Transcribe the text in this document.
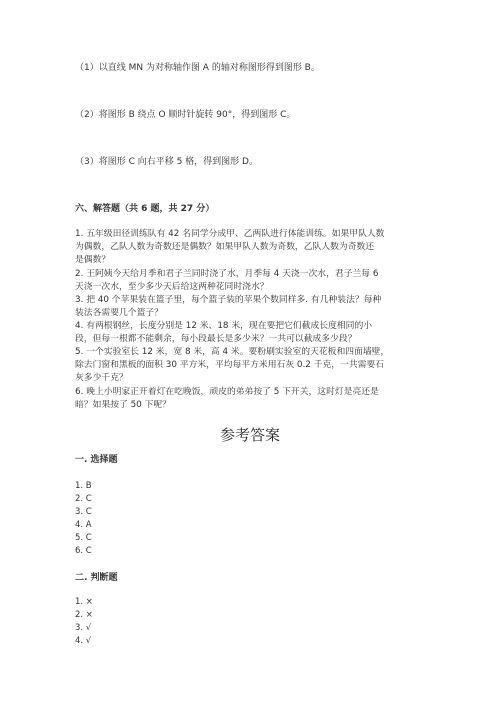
（1）以直线 MN 为对称轴作图 A 的轴对称图形得到图形 B。
（2）将图形 B 绕点 O 顺时针旋转 90°，得到图形 C。
（3）将图形 C 向右平移 5 格，得到图形 D。
六、解答题（共 6 题，共 27 分）
1. 五年级田径训练队有 42 名同学分成甲、乙两队进行体能训练。如果甲队人数
为偶数，乙队人数为奇数还是偶数？如果甲队人数为奇数，乙队人数为奇数还
是偶数？
2. 王阿姨今天给月季和君子兰同时浇了水，月季每 4 天浇一次水，君子兰每 6
天浇一次水，至少多少天后给这两种花同时浇水？
3. 把 40 个苹果装在篮子里，每个篮子装的苹果个数同样多. 有几种装法？每种
装法各需要几个篮子？
4. 有两根钢丝，长度分别是 12 米、18 米，现在要把它们截成长度相同的小
段，但每一根都不能剩余，每小段最长是多少米？一共可以截成多少段？
5. 一个实验室长 12 米，宽 8 米，高 4 米。要粉刷实验室的天花板和四面墙壁，
除去门窗和黑板的面积 30 平方米，平均每平方米用石灰 0.2 千克，一共需要石
灰多少千克？
6. 晚上小明家正开着灯在吃晚饭，顽皮的弟弟按了 5 下开关，这时灯是亮还是
暗？如果按了 50 下呢？
参考答案
一. 选择题
1. B
2. C
3. C
4. A
5. C
6. C
二. 判断题
1. ×
2. ×
3. √
4. √
